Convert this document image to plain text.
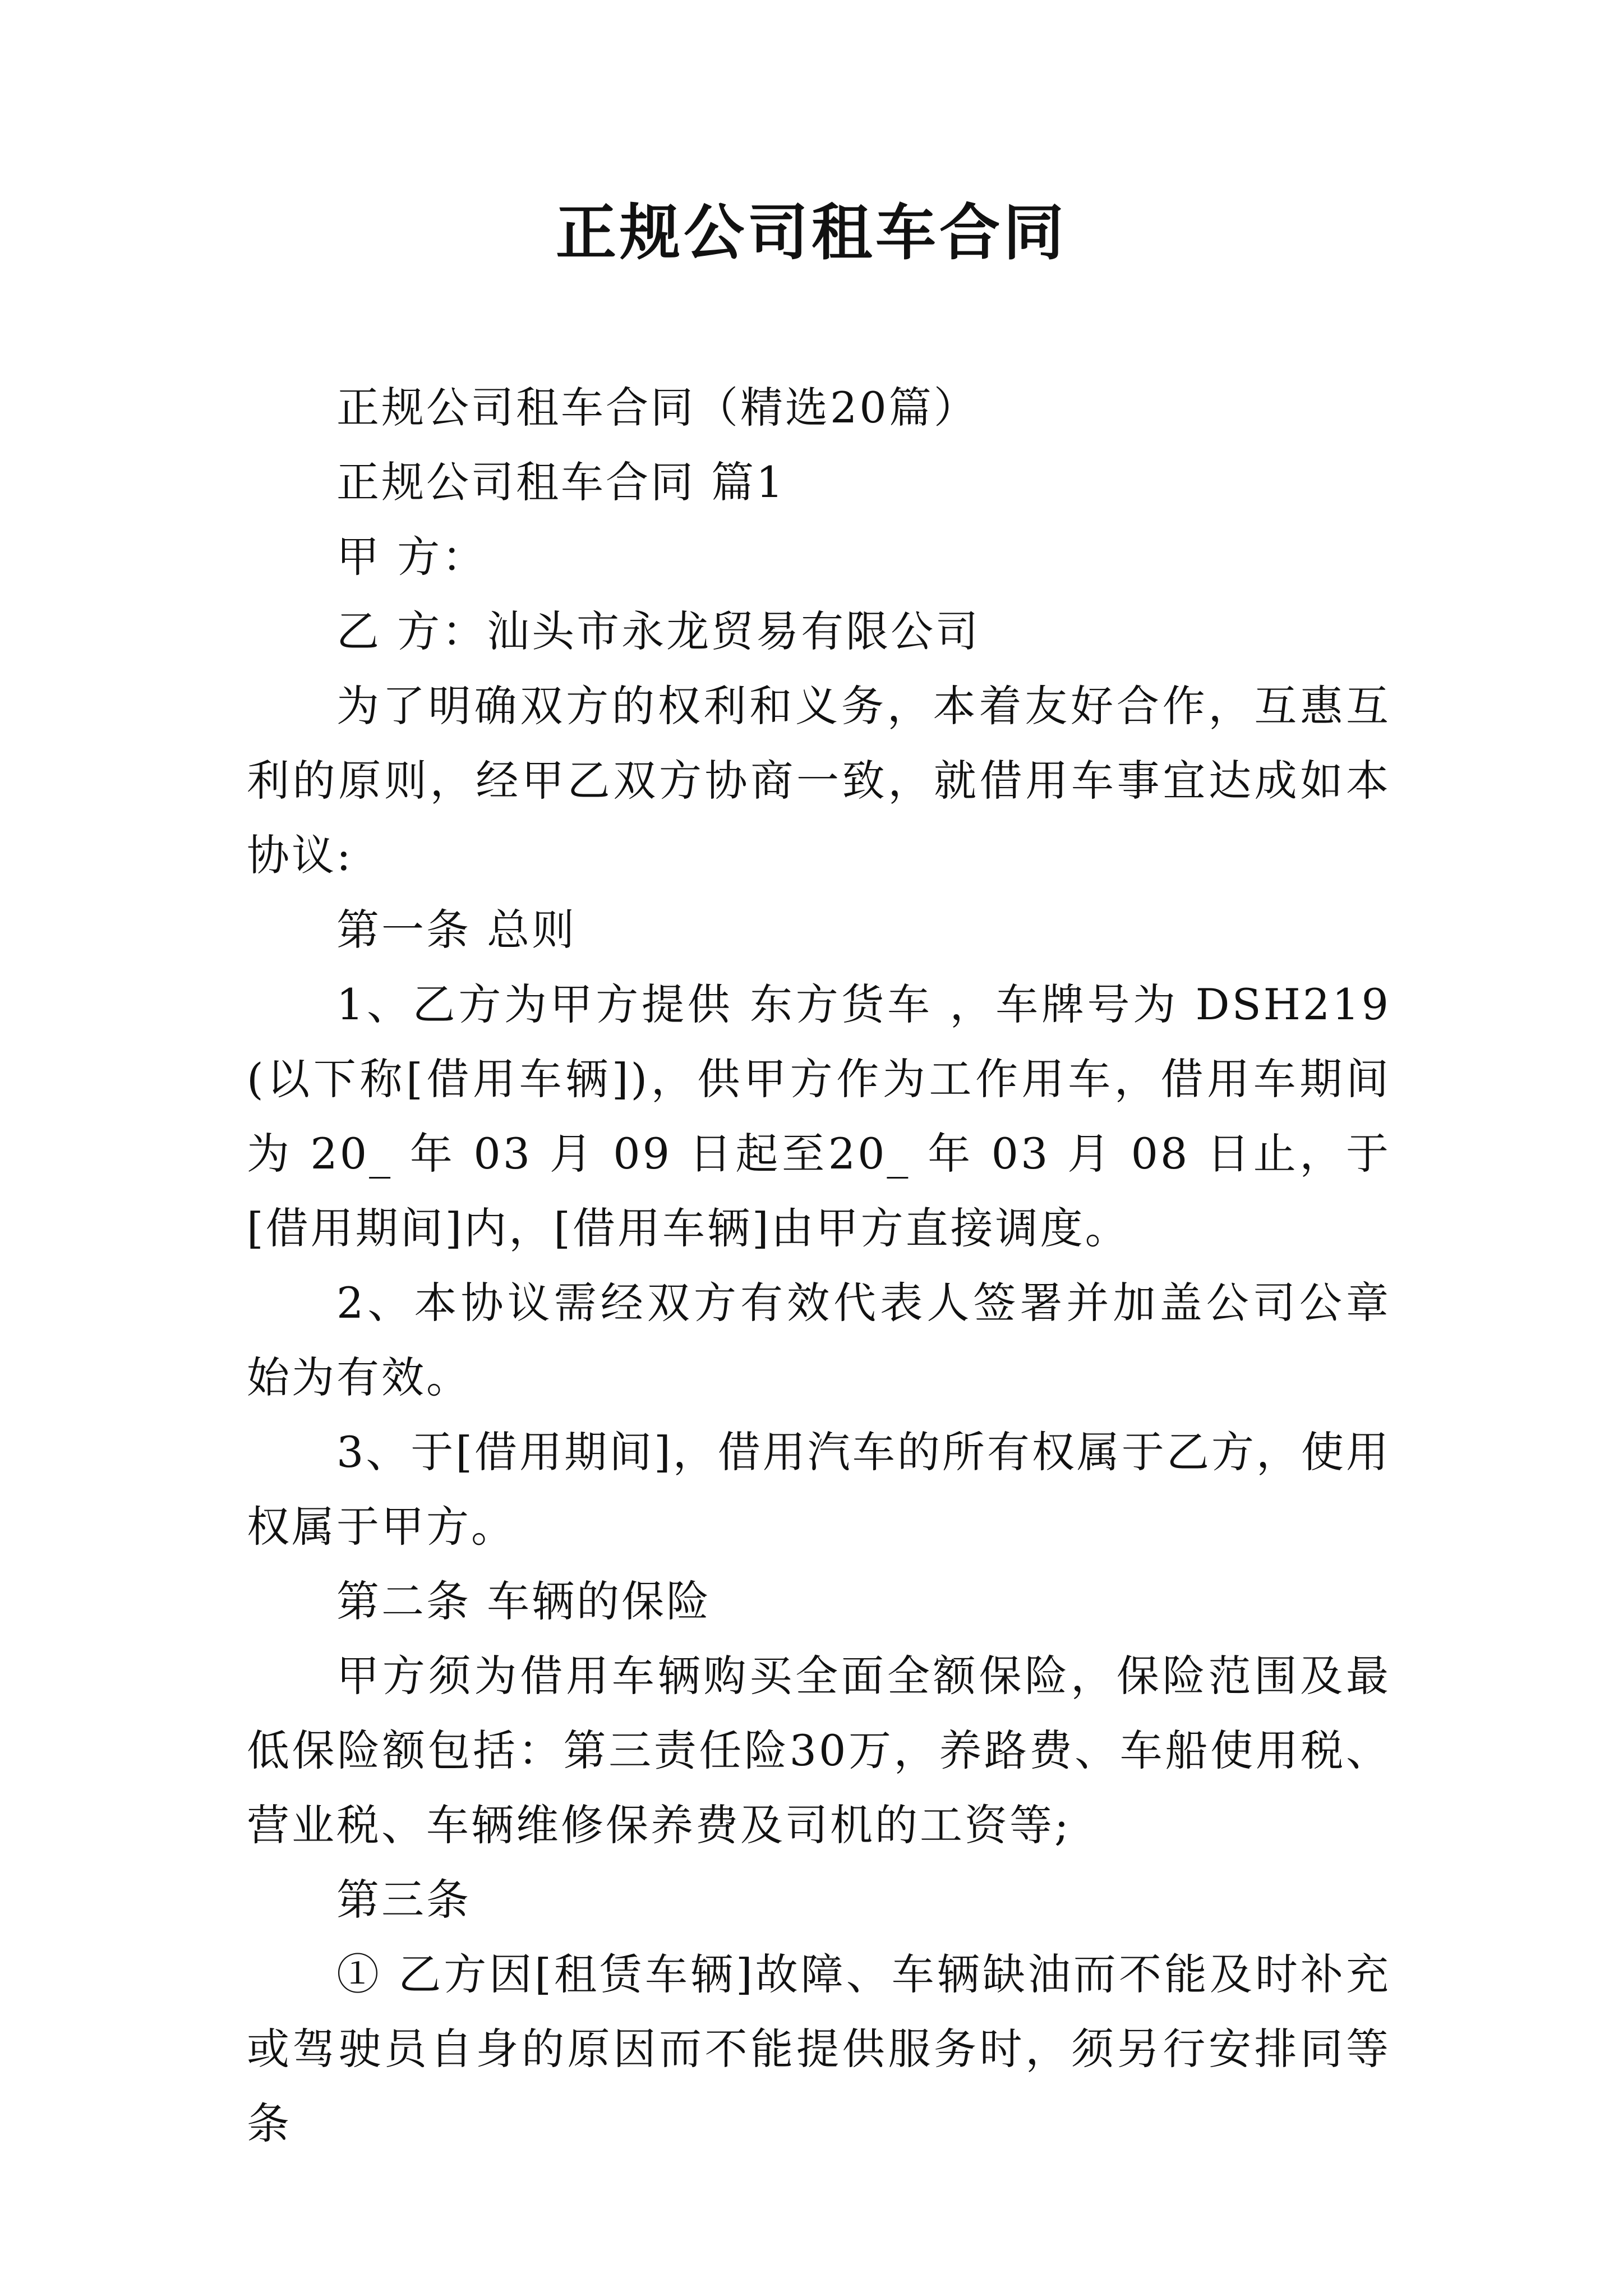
正规公司租车合同

正规公司租车合同（精选20篇）

正规公司租车合同 篇1

甲 方：

乙 方：汕头市永龙贸易有限公司

为了明确双方的权利和义务，本着友好合作，互惠互利的原则，经甲乙双方协商一致，就借用车事宜达成如本协议:

第一条 总则

1、乙方为甲方提供 东方货车 ，车牌号为 DSH219 (以下称[借用车辆])，供甲方作为工作用车，借用车期间为 20_ 年 03 月 09 日起至20_ 年 03 月 08 日止，于[借用期间]内，[借用车辆]由甲方直接调度。

2、本协议需经双方有效代表人签署并加盖公司公章始为有效。

3、于[借用期间]，借用汽车的所有权属于乙方，使用权属于甲方。

第二条 车辆的保险

甲方须为借用车辆购买全面全额保险，保险范围及最低保险额包括：第三责任险30万，养路费、车船使用税、营业税、车辆维修保养费及司机的工资等;

第三条

① 乙方因[租赁车辆]故障、车辆缺油而不能及时补充或驾驶员自身的原因而不能提供服务时，须另行安排同等条
